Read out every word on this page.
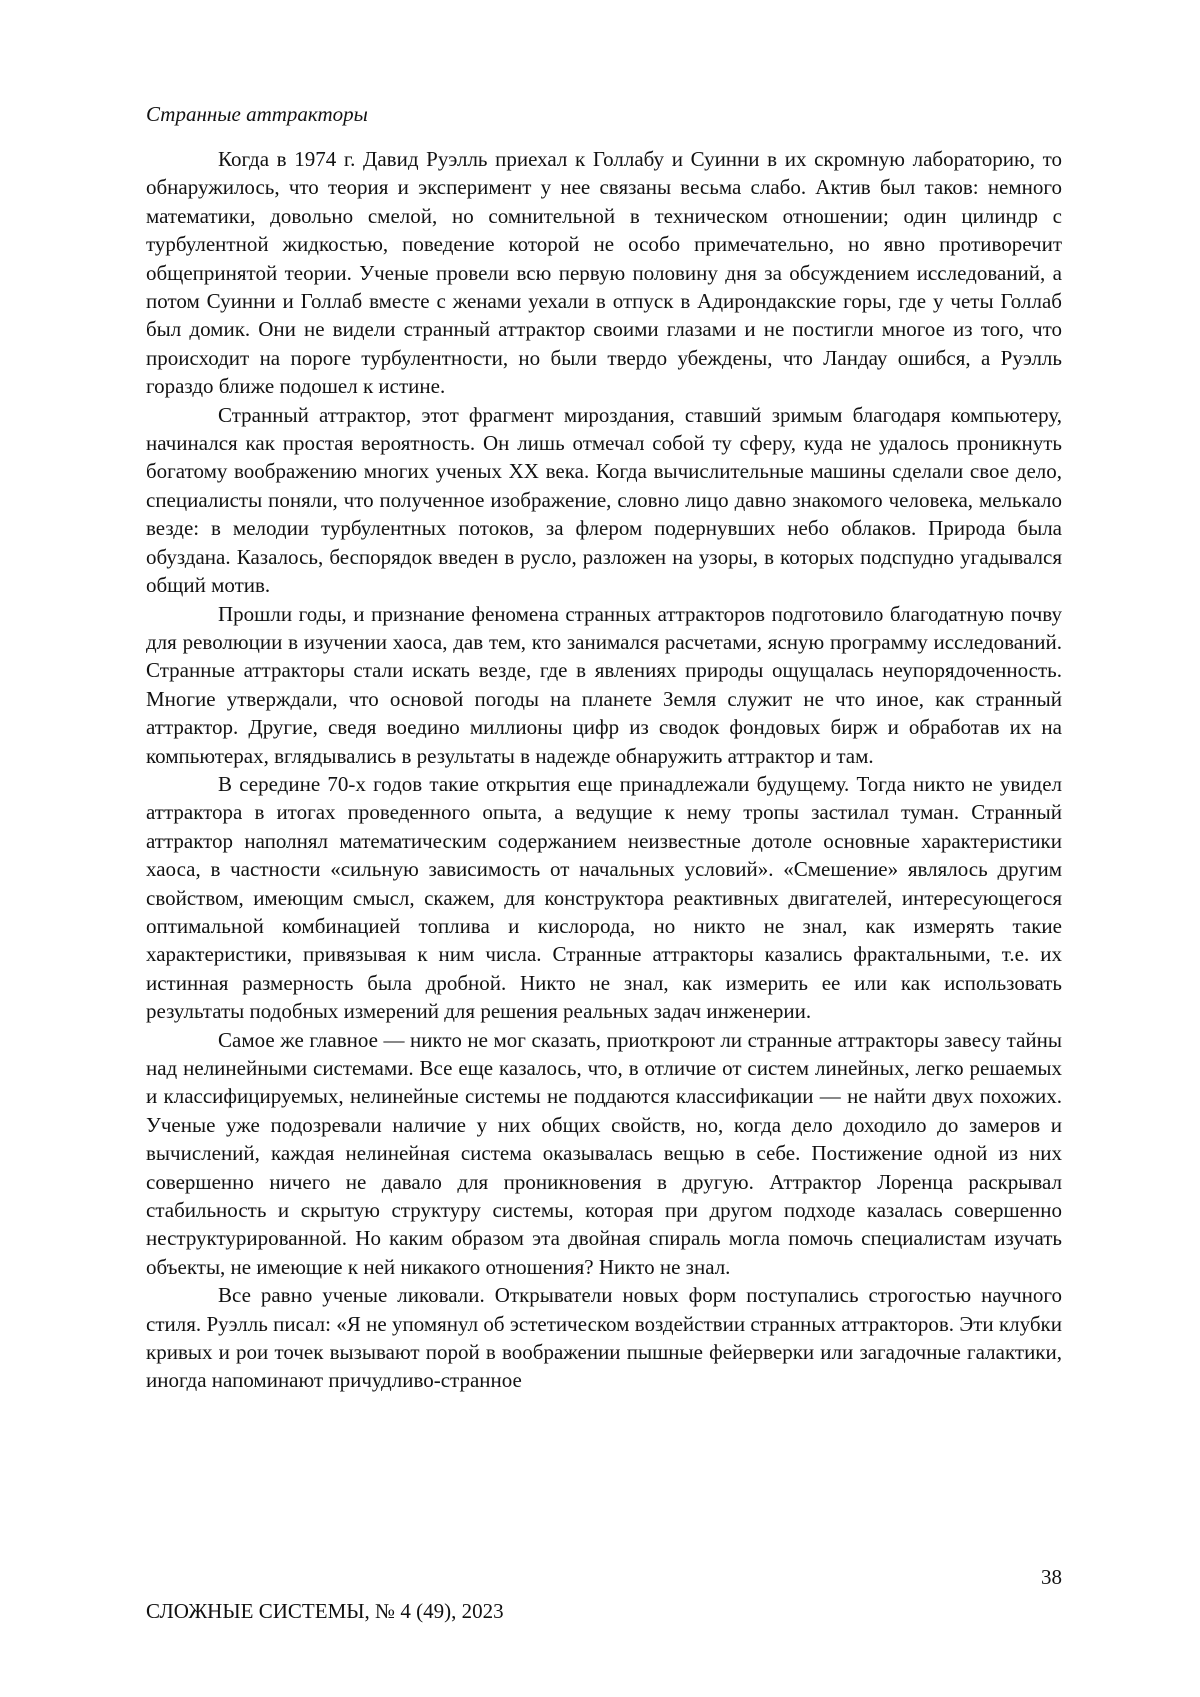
Странные аттракторы

Когда в 1974 г. Давид Руэлль приехал к Голлабу и Суинни в их скромную лабораторию, то обнаружилось, что теория и эксперимент у нее связаны весьма слабо. Актив был таков: немного математики, довольно смелой, но сомнительной в техническом отношении; один цилиндр с турбулентной жидкостью, поведение которой не особо примечательно, но явно противоречит общепринятой теории. Ученые провели всю первую половину дня за обсуждением исследований, а потом Суинни и Голлаб вместе с женами уехали в отпуск в Адирондакские горы, где у четы Голлаб был домик. Они не видели странный аттрактор своими глазами и не постигли многое из того, что происходит на пороге турбулентности, но были твердо убеждены, что Ландау ошибся, а Руэлль гораздо ближе подошел к истине.

Странный аттрактор, этот фрагмент мироздания, ставший зримым благодаря компьютеру, начинался как простая вероятность. Он лишь отмечал собой ту сферу, куда не удалось проникнуть богатому воображению многих ученых XX века. Когда вычислительные машины сделали свое дело, специалисты поняли, что полученное изображение, словно лицо давно знакомого человека, мелькало везде: в мелодии турбулентных потоков, за флером подернувших небо облаков. Природа была обуздана. Казалось, беспорядок введен в русло, разложен на узоры, в которых подспудно угадывался общий мотив.

Прошли годы, и признание феномена странных аттракторов подготовило благодатную почву для революции в изучении хаоса, дав тем, кто занимался расчетами, ясную программу исследований. Странные аттракторы стали искать везде, где в явлениях природы ощущалась неупорядоченность. Многие утверждали, что основой погоды на планете Земля служит не что иное, как странный аттрактор. Другие, сведя воедино миллионы цифр из сводок фондовых бирж и обработав их на компьютерах, вглядывались в результаты в надежде обнаружить аттрактор и там.

В середине 70-х годов такие открытия еще принадлежали будущему. Тогда никто не увидел аттрактора в итогах проведенного опыта, а ведущие к нему тропы застилал туман. Странный аттрактор наполнял математическим содержанием неизвестные дотоле основные характеристики хаоса, в частности «сильную зависимость от начальных условий». «Смешение» являлось другим свойством, имеющим смысл, скажем, для конструктора реактивных двигателей, интересующегося оптимальной комбинацией топлива и кислорода, но никто не знал, как измерять такие характеристики, привязывая к ним числа. Странные аттракторы казались фрактальными, т.е. их истинная размерность была дробной. Никто не знал, как измерить ее или как использовать результаты подобных измерений для решения реальных задач инженерии.

Самое же главное — никто не мог сказать, приоткроют ли странные аттракторы завесу тайны над нелинейными системами. Все еще казалось, что, в отличие от систем линейных, легко решаемых и классифицируемых, нелинейные системы не поддаются классификации — не найти двух похожих. Ученые уже подозревали наличие у них общих свойств, но, когда дело доходило до замеров и вычислений, каждая нелинейная система оказывалась вещью в себе. Постижение одной из них совершенно ничего не давало для проникновения в другую. Аттрактор Лоренца раскрывал стабильность и скрытую структуру системы, которая при другом подходе казалась совершенно неструктурированной. Но каким образом эта двойная спираль могла помочь специалистам изучать объекты, не имеющие к ней никакого отношения? Никто не знал.

Все равно ученые ликовали. Открыватели новых форм поступались строгостью научного стиля. Руэлль писал: «Я не упомянул об эстетическом воздействии странных аттракторов. Эти клубки кривых и рои точек вызывают порой в воображении пышные фейерверки или загадочные галактики, иногда напоминают причудливо-странное

38
СЛОЖНЫЕ СИСТЕМЫ, № 4 (49), 2023
